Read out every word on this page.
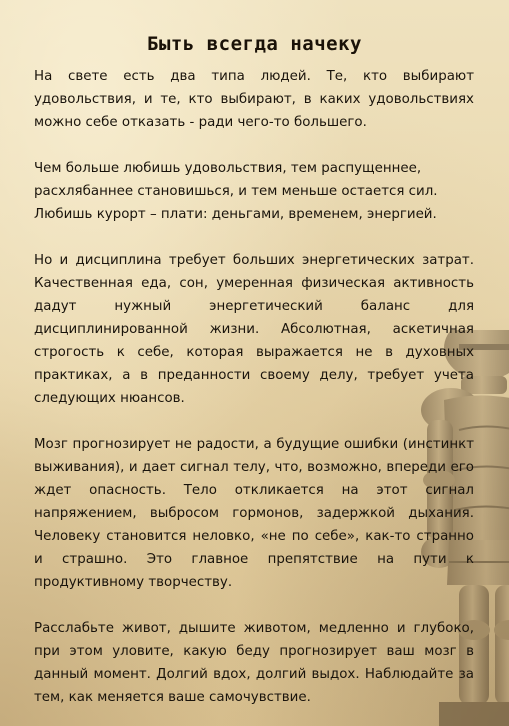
Быть всегда начеку

На свете есть два типа людей. Те, кто выбирают удовольствия, и те, кто выбирают, в каких удовольствиях можно себе отказать - ради чего-то большего.

Чем больше любишь удовольствия, тем распущеннее, расхлябаннее становишься, и тем меньше остается сил. Любишь курорт – плати: деньгами, временем, энергией.

Но и дисциплина требует больших энергетических затрат. Качественная еда, сон, умеренная физическая активность дадут нужный энергетический баланс для дисциплинированной жизни. Абсолютная, аскетичная строгость к себе, которая выражается не в духовных практиках, а в преданности своему делу, требует учета следующих нюансов.

Мозг прогнозирует не радости, а будущие ошибки (инстинкт выживания), и дает сигнал телу, что, возможно, впереди его ждет опасность. Тело откликается на этот сигнал напряжением, выбросом гормонов, задержкой дыхания. Человеку становится неловко, «не по себе», как-то странно и страшно. Это главное препятствие на пути к продуктивному творчеству.

Расслабьте живот, дышите животом, медленно и глубоко, при этом уловите, какую беду прогнозирует ваш мозг в данный момент. Долгий вдох, долгий выдох. Наблюдайте за тем, как меняется ваше самочувствие.
